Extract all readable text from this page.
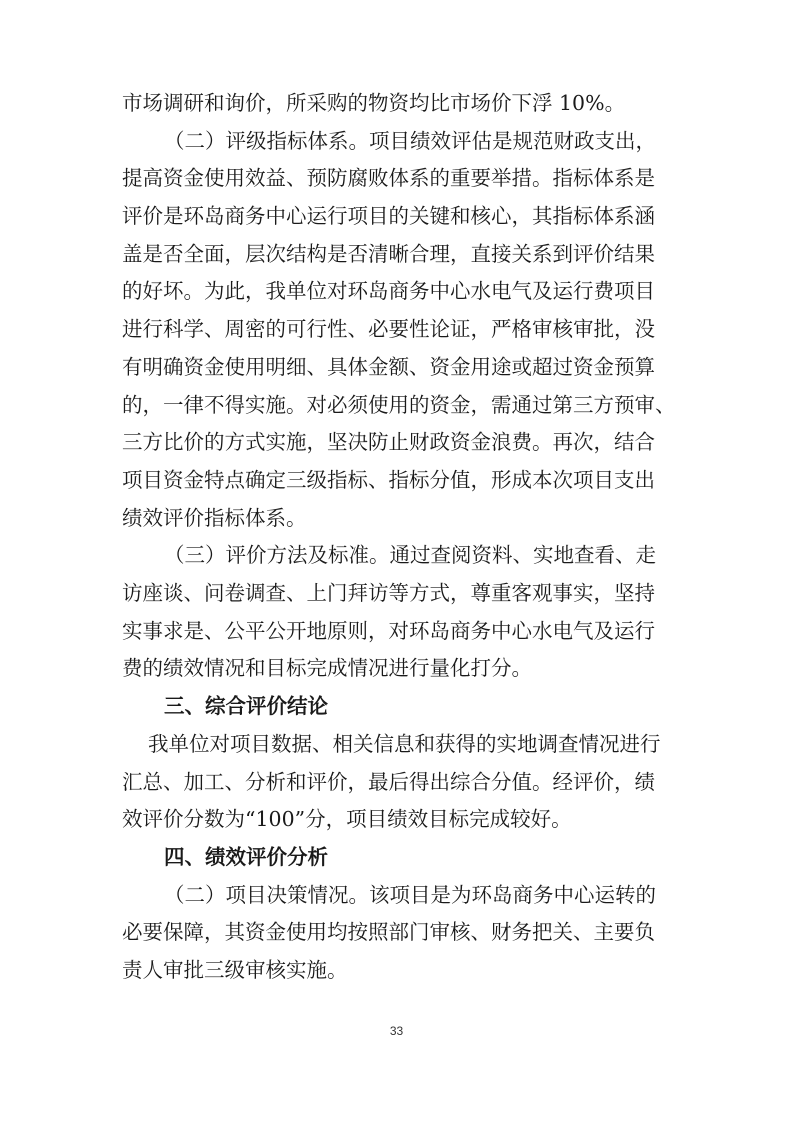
市场调研和询价，所采购的物资均比市场价下浮 10%。
（二）评级指标体系。项目绩效评估是规范财政支出，
提高资金使用效益、预防腐败体系的重要举措。指标体系是
评价是环岛商务中心运行项目的关键和核心，其指标体系涵
盖是否全面，层次结构是否清晰合理，直接关系到评价结果
的好坏。为此，我单位对环岛商务中心水电气及运行费项目
进行科学、周密的可行性、必要性论证，严格审核审批，没
有明确资金使用明细、具体金额、资金用途或超过资金预算
的，一律不得实施。对必须使用的资金，需通过第三方预审、
三方比价的方式实施，坚决防止财政资金浪费。再次，结合
项目资金特点确定三级指标、指标分值，形成本次项目支出
绩效评价指标体系。
（三）评价方法及标准。通过查阅资料、实地查看、走
访座谈、问卷调查、上门拜访等方式，尊重客观事实，坚持
实事求是、公平公开地原则，对环岛商务中心水电气及运行
费的绩效情况和目标完成情况进行量化打分。
三、综合评价结论
我单位对项目数据、相关信息和获得的实地调查情况进行
汇总、加工、分析和评价，最后得出综合分值。经评价，绩
效评价分数为“100”分，项目绩效目标完成较好。
四、绩效评价分析
（二）项目决策情况。该项目是为环岛商务中心运转的
必要保障，其资金使用均按照部门审核、财务把关、主要负
责人审批三级审核实施。
33
